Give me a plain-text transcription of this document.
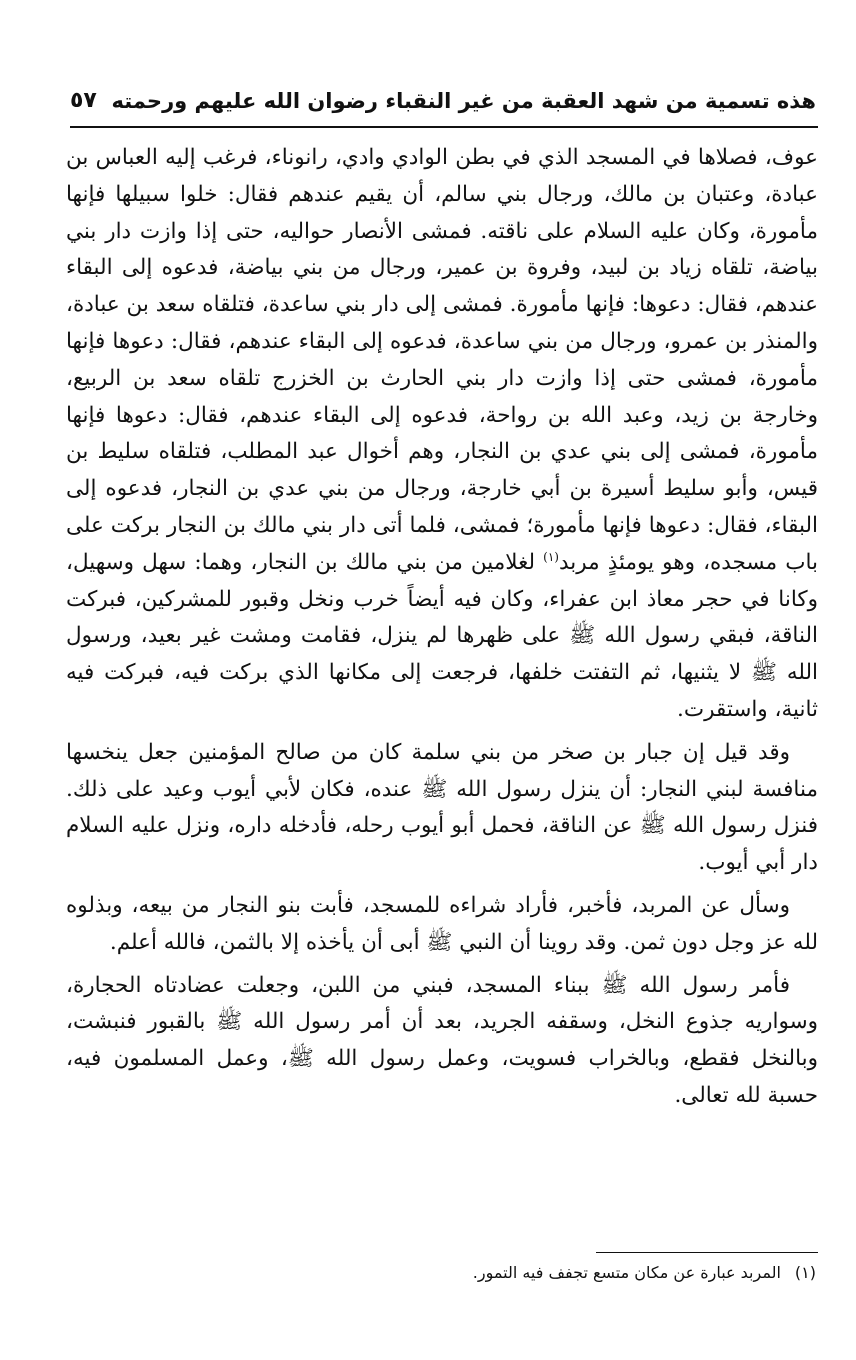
هذه تسمية من شهد العقبة من غير النقباء رضوان الله عليهم ورحمته
٥٧

عوف، فصلاها في المسجد الذي في بطن الوادي وادي، رانوناء، فرغب إليه العباس بن عبادة، وعتبان بن مالك، ورجال بني سالم، أن يقيم عندهم فقال: خلوا سبيلها فإنها مأمورة، وكان عليه السلام على ناقته. فمشى الأنصار حواليه، حتى إذا وازت دار بني بياضة، تلقاه زياد بن لبيد، وفروة بن عمير، ورجال من بني بياضة، فدعوه إلى البقاء عندهم، فقال: دعوها: فإنها مأمورة. فمشى إلى دار بني ساعدة، فتلقاه سعد بن عبادة، والمنذر بن عمرو، ورجال من بني ساعدة، فدعوه إلى البقاء عندهم، فقال: دعوها فإنها مأمورة، فمشى حتى إذا وازت دار بني الحارث بن الخزرج تلقاه سعد بن الربيع، وخارجة بن زيد، وعبد الله بن رواحة، فدعوه إلى البقاء عندهم، فقال: دعوها فإنها مأمورة، فمشى إلى بني عدي بن النجار، وهم أخوال عبد المطلب، فتلقاه سليط بن قيس، وأبو سليط أسيرة بن أبي خارجة، ورجال من بني عدي بن النجار، فدعوه إلى البقاء، فقال: دعوها فإنها مأمورة؛ فمشى، فلما أتى دار بني مالك بن النجار بركت على باب مسجده، وهو يومئذٍ مربد$^{(١)}$ لغلامين من بني مالك بن النجار، وهما: سهل وسهيل، وكانا في حجر معاذ ابن عفراء، وكان فيه أيضاً خرب ونخل وقبور للمشركين، فبركت الناقة، فبقي رسول الله ﷺ على ظهرها لم ينزل، فقامت ومشت غير بعيد، ورسول الله ﷺ لا يثنيها، ثم التفتت خلفها، فرجعت إلى مكانها الذي بركت فيه، فبركت فيه ثانية، واستقرت.

وقد قيل إن جبار بن صخر من بني سلمة كان من صالح المؤمنين جعل ينخسها منافسة لبني النجار: أن ينزل رسول الله ﷺ عنده، فكان لأبي أيوب وعيد على ذلك. فنزل رسول الله ﷺ عن الناقة، فحمل أبو أيوب رحله، فأدخله داره، ونزل عليه السلام دار أبي أيوب.

وسأل عن المربد، فأخبر، فأراد شراءه للمسجد، فأبت بنو النجار من بيعه، وبذلوه لله عز وجل دون ثمن. وقد روينا أن النبي ﷺ أبى أن يأخذه إلا بالثمن، فالله أعلم.

فأمر رسول الله ﷺ ببناء المسجد، فبني من اللبن، وجعلت عضادتاه الحجارة، وسواريه جذوع النخل، وسقفه الجريد، بعد أن أمر رسول الله ﷺ بالقبور فنبشت، وبالنخل فقطع، وبالخراب فسويت، وعمل رسول الله ﷺ، وعمل المسلمون فيه، حسبة لله تعالى.

(١)المربد عبارة عن مكان متسع تجفف فيه التمور.
